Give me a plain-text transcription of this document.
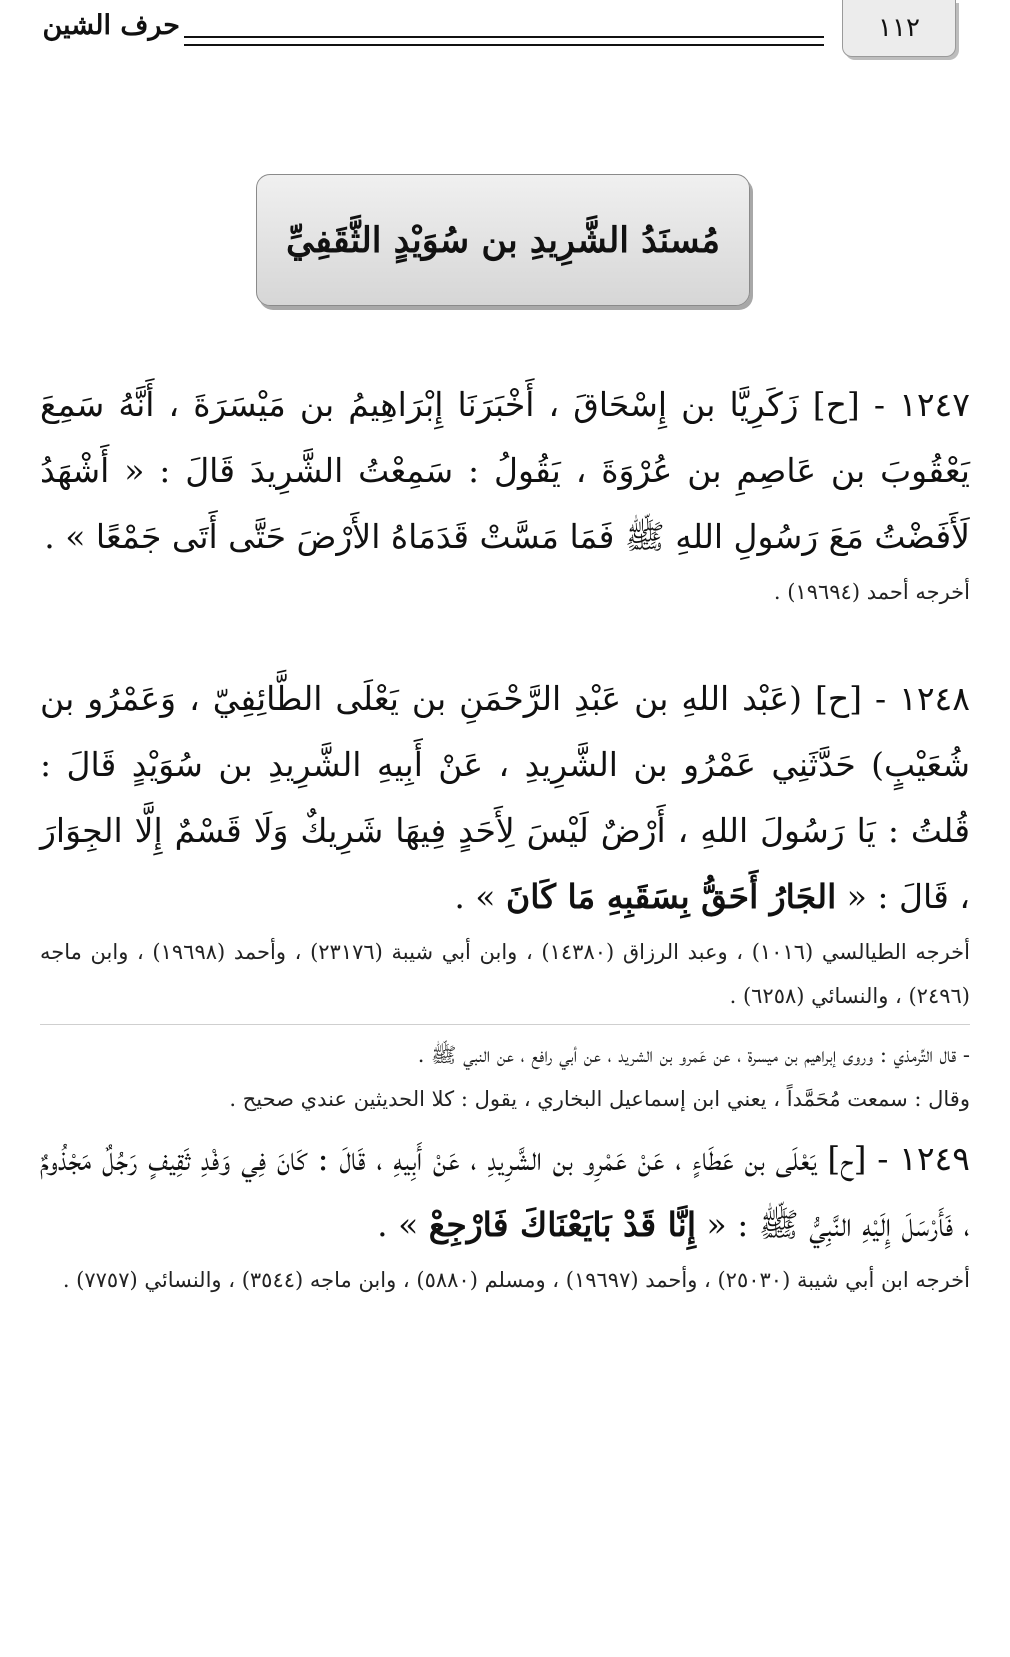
١١٢
حرف الشين
مُسنَدُ الشَّرِيدِ بن سُوَيْدٍ الثَّقَفِيِّ

١٢٤٧ - [ح] زَكَرِيَّا بن إِسْحَاقَ ، أَخْبَرَنَا إِبْرَاهِيمُ بن مَيْسَرَةَ ، أَنَّهُ سَمِعَ يَعْقُوبَ بن عَاصِمِ بن عُرْوَةَ ، يَقُولُ : سَمِعْتُ الشَّرِيدَ قَالَ : « أَشْهَدُ لَأَفَضْتُ مَعَ رَسُولِ اللهِ ﷺ فَمَا مَسَّتْ قَدَمَاهُ الأَرْضَ حَتَّى أَتَى جَمْعًا » .

أخرجه أحمد (١٩٦٩٤) .

١٢٤٨ - [ح] (عَبْد اللهِ بن عَبْدِ الرَّحْمَنِ بن يَعْلَى الطَّائِفِيّ ، وَعَمْرُو بن شُعَيْبٍ) حَدَّثَنِي عَمْرُو بن الشَّرِيدِ ، عَنْ أَبِيهِ الشَّرِيدِ بن سُوَيْدٍ قَالَ : قُلتُ : يَا رَسُولَ اللهِ ، أَرْضٌ لَيْسَ لِأَحَدٍ فِيهَا شَرِيكٌ وَلَا قَسْمٌ إِلَّا الجِوَارَ ، قَالَ : « الجَارُ أَحَقُّ بِسَقَبِهِ مَا كَانَ » .

أخرجه الطيالسي (١٠١٦) ، وعبد الرزاق (١٤٣٨٠) ، وابن أبي شيبة (٢٣١٧٦) ، وأحمد (١٩٦٩٨) ، وابن ماجه (٢٤٩٦) ، والنسائي (٦٢٥٨) .

- قال التِّرمذي : وروى إبراهيم بن ميسرة ، عن عَمرو بن الشريد ، عن أبي رافع ، عن النبي ﷺ .

وقال : سمعت مُحَمَّداً ، يعني ابن إسماعيل البخاري ، يقول : كلا الحديثين عندي صحيح .

١٢٤٩ - [ح] يَعْلَى بن عَطَاءٍ ، عَنْ عَمْرِو بن الشَّرِيدِ ، عَنْ أَبِيهِ ، قَالَ : كَانَ فِي وَفْدِ ثَقِيفٍ رَجُلٌ مَجْذُومٌ ، فَأَرْسَلَ إِلَيْهِ النَّبِيُّ ﷺ : « إِنَّا قَدْ بَايَعْنَاكَ فَارْجِعْ » .

أخرجه ابن أبي شيبة (٢٥٠٣٠) ، وأحمد (١٩٦٩٧) ، ومسلم (٥٨٨٠) ، وابن ماجه (٣٥٤٤) ، والنسائي (٧٧٥٧) .
